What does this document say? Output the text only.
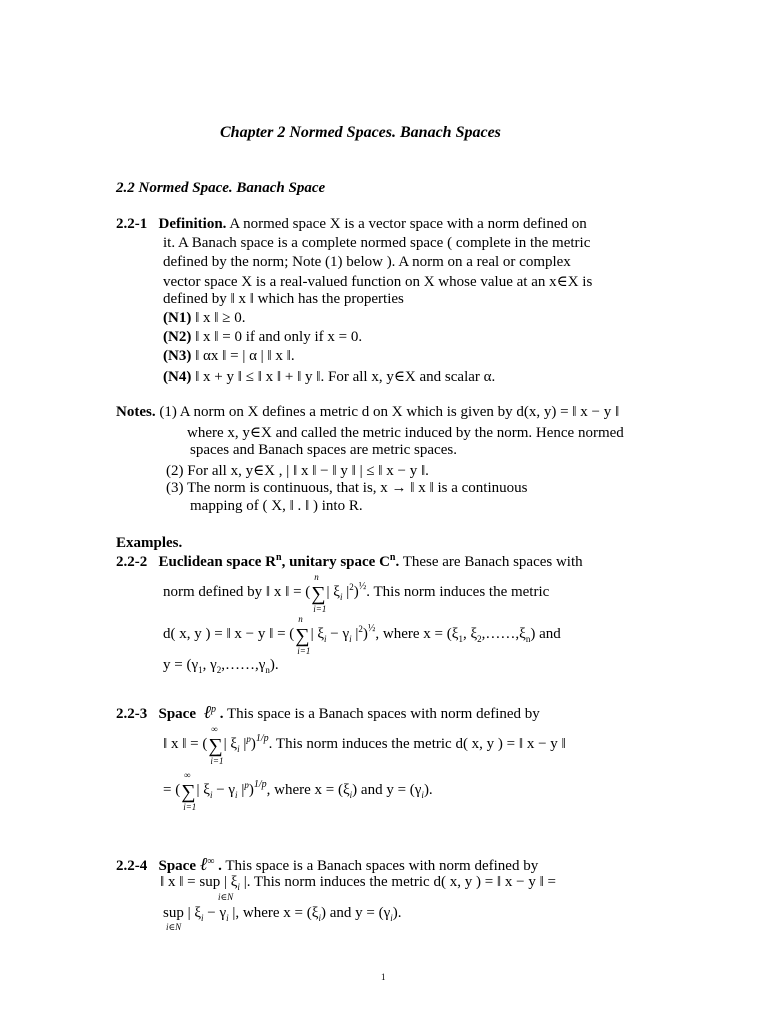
Chapter 2 Normed Spaces. Banach Spaces
2.2 Normed Space. Banach Space
2.2-1 Definition. A normed space X is a vector space with a norm defined on
it. A Banach space is a complete normed space ( complete in the metric
defined by the norm; Note (1) below ). A norm on a real or complex
vector space X is a real-valued function on X whose value at an x∈X is
defined by ǁ x ǁ which has the properties
(N1) ǁ x ǁ ≥ 0.
(N2) ǁ x ǁ = 0 if and only if x = 0.
(N3) ǁ αx ǁ = | α | ǁ x ǁ.
(N4) ǁ x + y ǁ ≤ ǁ x ǁ + ǁ y ǁ. For all x, y∈X and scalar α.
Notes. (1) A norm on X defines a metric d on X which is given by d(x, y) = ǁ x − y ǁ
where x, y∈X and called the metric induced by the norm. Hence normed
spaces and Banach spaces are metric spaces.
(2) For all x, y∈X , | ǁ x ǁ − ǁ y ǁ | ≤ ǁ x − y ǁ.
(3) The norm is continuous, that is, x → ǁ x ǁ is a continuous
mapping of ( X, ǁ . ǁ ) into R.
Examples.
2.2-2 Euclidean space $R^n$, unitary space $C^n$. These are Banach spaces with
norm defined by ǁ x ǁ = (∑
n
i=1
| $\xi_i$ $|^2)^{\frac{1}{2}}$. This norm induces the metric
d( x, y ) = ǁ x − y ǁ = (∑
n
i=1
| $\xi_i - \gamma_i$ $|^2)^{\frac{1}{2}}$, where $x = (\xi_1$, $\xi_2,\dots\dots,\xi_n$) and
$y = (\gamma_1$, $\gamma_2,\dots\dots,\gamma_n$).
2.2-3 Space ℓ$^p$ . This space is a Banach spaces with norm defined by
ǁ x ǁ = (∑
∞
i=1
| $\xi_i$ $|^p)^{1/p}$. This norm induces the metric d( x, y ) = ǁ x − y ǁ
= (∑
∞
i=1
| $\xi_i - \gamma_i$ $|^p)^{1/p}$, where $x = (\xi_i)$ and $y = (\gamma_i)$.
2.2-4 Space ℓ∞ . This space is a Banach spaces with norm defined by
ǁ x ǁ = sup | $\xi_i$ |. This norm induces the metric d( x, y ) = ǁ x − y ǁ =
i∈N
sup | $\xi_i - \gamma_i$ |, where $x = (\xi_i)$ and $y = (\gamma_i)$.
i∈N
1
